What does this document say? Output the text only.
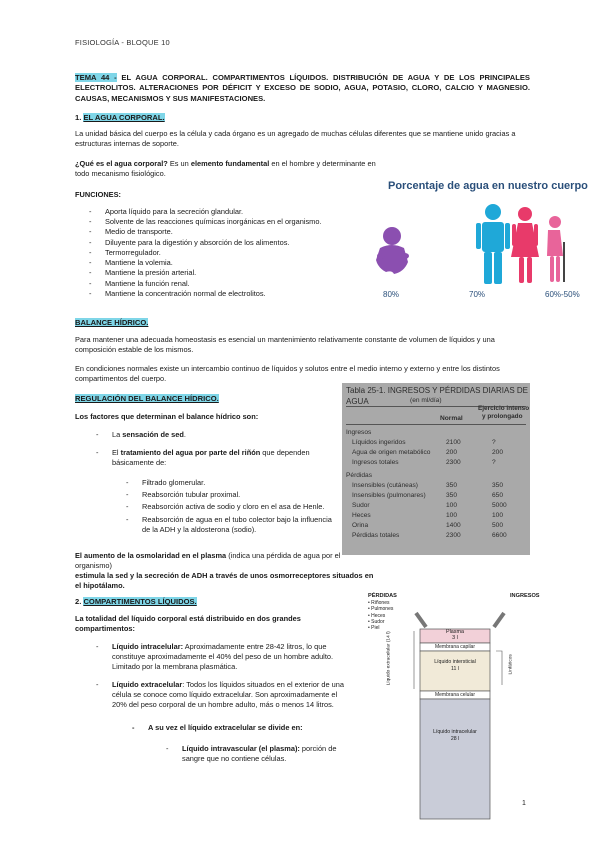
FISIOLOGÍA - BLOQUE 10
TEMA 44 - EL AGUA CORPORAL. COMPARTIMENTOS LÍQUIDOS. DISTRIBUCIÓN DE AGUA Y DE LOS PRINCIPALES ELECTROLITOS. ALTERACIONES POR DÉFICIT Y EXCESO DE SODIO, AGUA, POTASIO, CLORO, CALCIO Y MAGNESIO. CAUSAS, MECANISMOS Y SUS MANIFESTACIONES.
1. EL AGUA CORPORAL.
La unidad básica del cuerpo es la célula y cada órgano es un agregado de muchas células diferentes que se mantiene unido gracias a estructuras internas de soporte.
¿Qué es el agua corporal? Es un elemento fundamental en el hombre y determinante en todo mecanismo fisiológico.
FUNCIONES:
- Aporta líquido para la secreción glandular.
- Solvente de las reacciones químicas inorgánicas en el organismo.
- Medio de transporte.
- Diluyente para la digestión y absorción de los alimentos.
- Termorregulador.
- Mantiene la volemia.
- Mantiene la presión arterial.
- Mantiene la función renal.
- Mantiene la concentración normal de electrolitos.
Porcentaje de agua en nuestro cuerpo
80%	70%	60%-50%
BALANCE HÍDRICO.
Para mantener una adecuada homeostasis es esencial un mantenimiento relativamente constante de volumen de líquidos y una composición estable de los mismos.
En condiciones normales existe un intercambio continuo de líquidos y solutos entre el medio interno y externo y entre los distintos compartimentos del cuerpo.
REGULACIÓN DEL BALANCE HÍDRICO.
Los factores que determinan el balance hídrico son:
- La sensación de sed.
- El tratamiento del agua por parte del riñón que dependen básicamente de:
- Filtrado glomerular.
- Reabsorción tubular proximal.
- Reabsorción activa de sodio y cloro en el asa de Henle.
- Reabsorción de agua en el tubo colector bajo la influencia de la ADH y la aldosterona (sodio).
El aumento de la osmolaridad en el plasma (indica una pérdida de agua por el organismo)
estimula la sed y la secreción de ADH a través de unos osmorreceptores situados en el hipotálamo.
Tabla 25-1. INGRESOS Y PÉRDIDAS DIARIAS DE AGUA	(en ml/día)
Ejercicio intenso
y prolongado
Normal
Ingresos
Líquidos ingeridos	2100	?
Agua de origen metabólico 200	200
Ingresos totales	2300	?
Pérdidas
Insensibles (cutáneas)	350	350
Insensibles (pulmonares)	350	650
Sudor	100	5000
Heces	100	100
Orina	1400	500
Pérdidas totales	2300	6600
2. COMPARTIMENTOS LÍQUIDOS.
La totalidad del líquido corporal está distribuido en dos grandes compartimentos:
- Líquido intracelular: Aproximadamente entre 28-42 litros, lo que constituye aproximadamente el 40% del peso de un hombre adulto. Limitado por la membrana plasmática.
- Líquido extracelular: Todos los líquidos situados en el exterior de una célula se conoce como líquido extracelular. Son aproximadamente el 20% del peso corporal de un hombre adulto, más o menos 14 litros.
- A su vez el líquido extracelular se divide en:
- Líquido intravascular (el plasma): porción de sangre que no contiene células.
PÉRDIDAS
• Riñones
• Pulmones
• Heces
• Sudor
• Piel
INGRESOS
Plasma
3 l
Membrana capilar
Líquido intersticial
11 l
Membrana celular
Líquido intracelular
28 l
Líquido extracelular (14 l)	Linfáticos
1
